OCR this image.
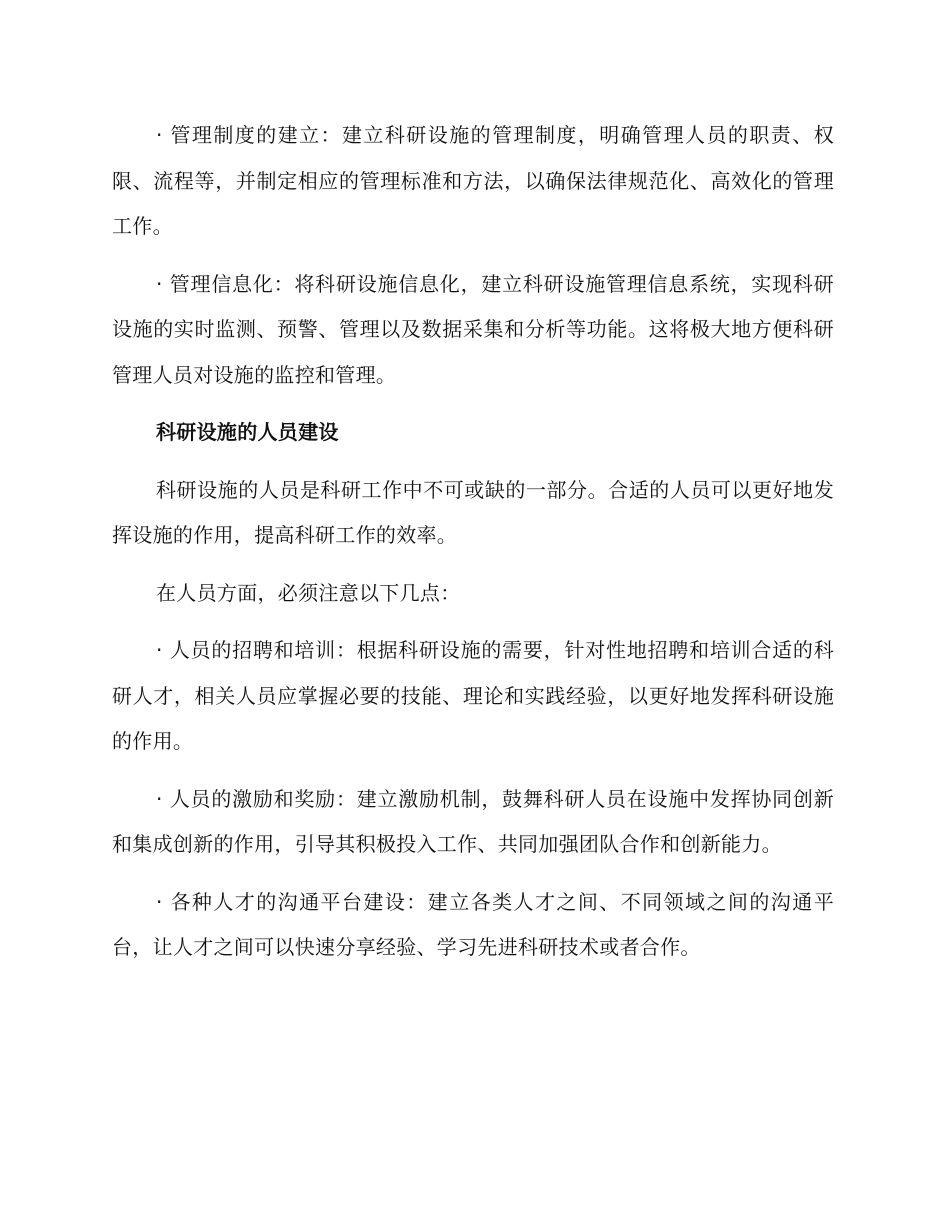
· 管理制度的建立：建立科研设施的管理制度，明确管理人员的职责、权限、流程等，并制定相应的管理标准和方法，以确保法律规范化、高效化的管理工作。

· 管理信息化：将科研设施信息化，建立科研设施管理信息系统，实现科研设施的实时监测、预警、管理以及数据采集和分析等功能。这将极大地方便科研管理人员对设施的监控和管理。

科研设施的人员建设

科研设施的人员是科研工作中不可或缺的一部分。合适的人员可以更好地发挥设施的作用，提高科研工作的效率。

在人员方面，必须注意以下几点：

· 人员的招聘和培训：根据科研设施的需要，针对性地招聘和培训合适的科研人才，相关人员应掌握必要的技能、理论和实践经验，以更好地发挥科研设施的作用。

· 人员的激励和奖励：建立激励机制，鼓舞科研人员在设施中发挥协同创新和集成创新的作用，引导其积极投入工作、共同加强团队合作和创新能力。

· 各种人才的沟通平台建设：建立各类人才之间、不同领域之间的沟通平台，让人才之间可以快速分享经验、学习先进科研技术或者合作。
